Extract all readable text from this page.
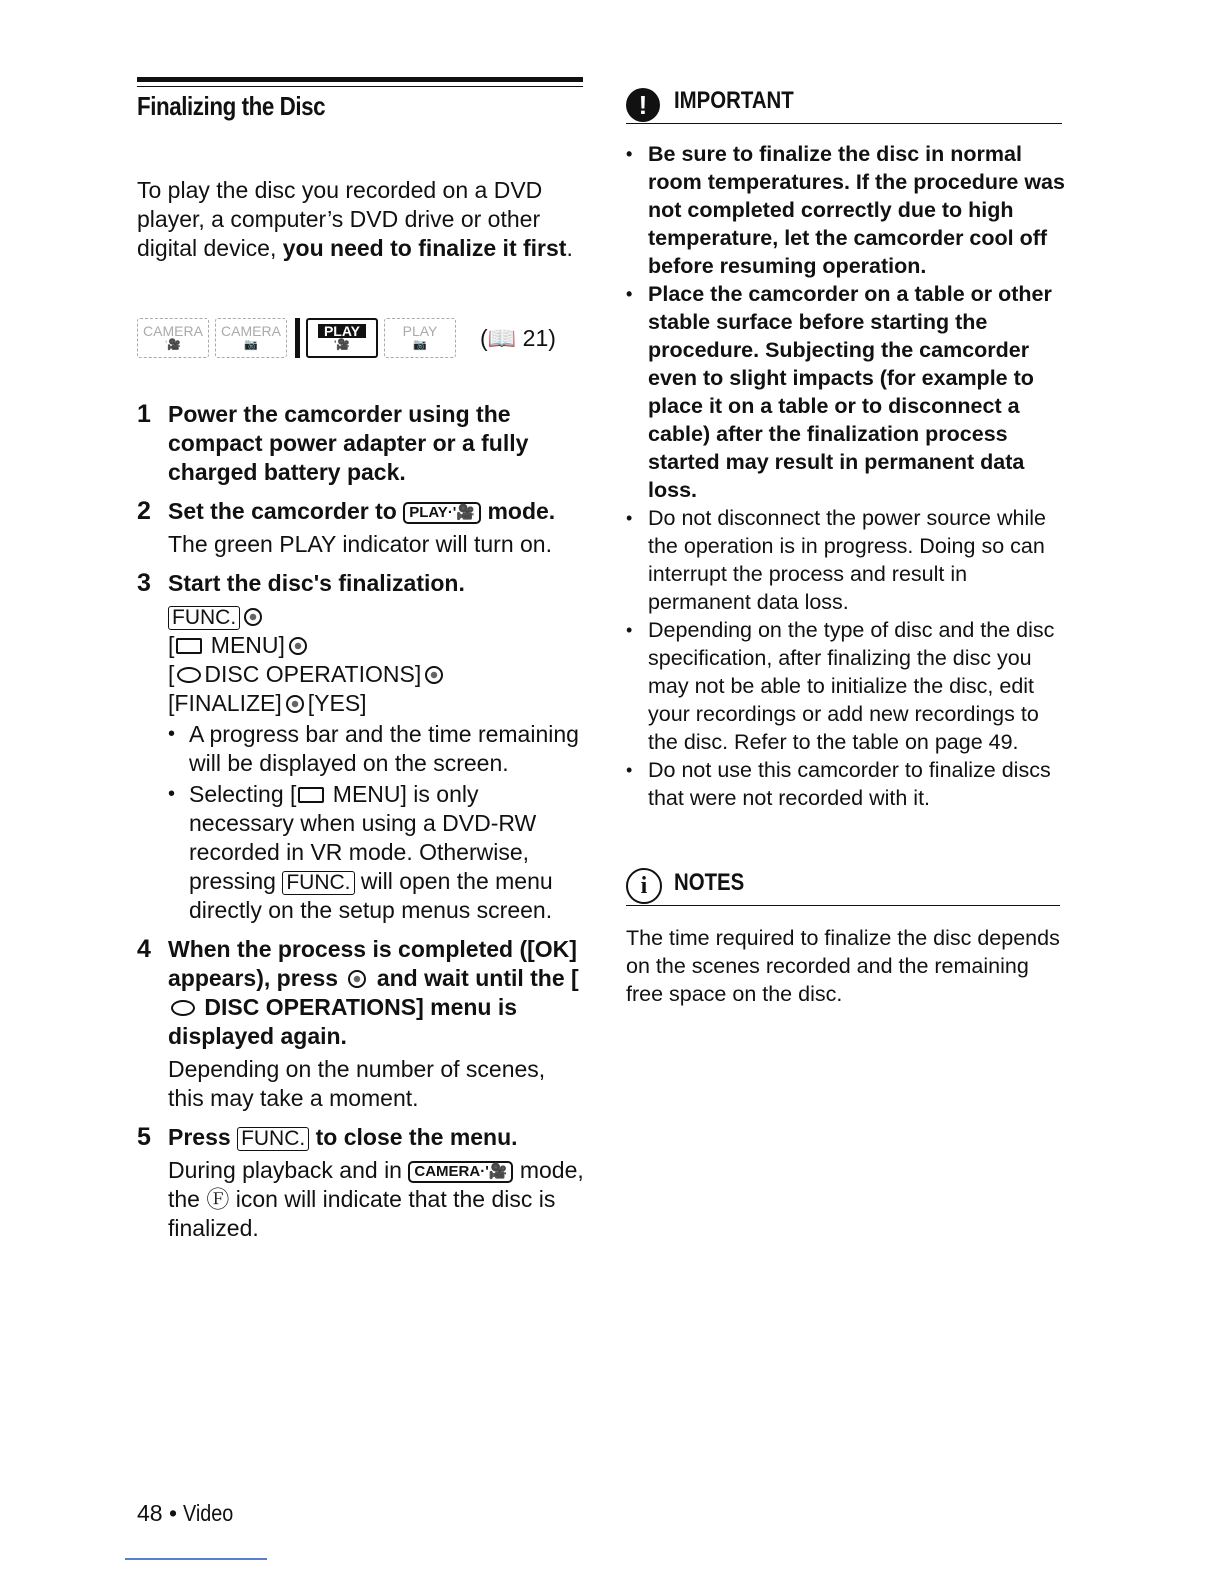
Finalizing the Disc

To play the disc you recorded on a DVD player, a computer’s DVD drive or other digital device, you need to finalize it first.

CAMERA
'🎥
CAMERA
📷
PLAY
'🎥
PLAY
📷 (📖 21)
1 Power the camcorder using the compact power adapter or a fully charged battery pack.
2 Set the camcorder to PLAY·'🎥 mode.
The green PLAY indicator will turn on.
3 Start the disc's finalization.
FUNC.
[ MENU]
[ DISC OPERATIONS]
[FINALIZE] [YES]
• A progress bar and the time remaining will be displayed on the screen.
• Selecting [ MENU] is only necessary when using a DVD-RW recorded in VR mode. Otherwise, pressing FUNC. will open the menu directly on the setup menus screen.
4 When the process is completed ([OK] appears), press and wait until the [ DISC OPERATIONS] menu is displayed again.
Depending on the number of scenes, this may take a moment.
5 Press FUNC. to close the menu.
During playback and in CAMERA·'🎥 mode, the Ⓕ icon will indicate that the disc is finalized.
!	IMPORTANT
• Be sure to finalize the disc in normal room temperatures. If the procedure was not completed correctly due to high temperature, let the camcorder cool off before resuming operation.
• Place the camcorder on a table or other stable surface before starting the procedure. Subjecting the camcorder even to slight impacts (for example to place it on a table or to disconnect a cable) after the finalization process started may result in permanent data loss.
• Do not disconnect the power source while the operation is in progress. Doing so can interrupt the process and result in permanent data loss.
• Depending on the type of disc and the disc specification, after finalizing the disc you may not be able to initialize the disc, edit your recordings or add new recordings to the disc. Refer to the table on page 49.
• Do not use this camcorder to finalize discs that were not recorded with it.
i	NOTES

The time required to finalize the disc depends on the scenes recorded and the remaining free space on the disc.

48 • Video
